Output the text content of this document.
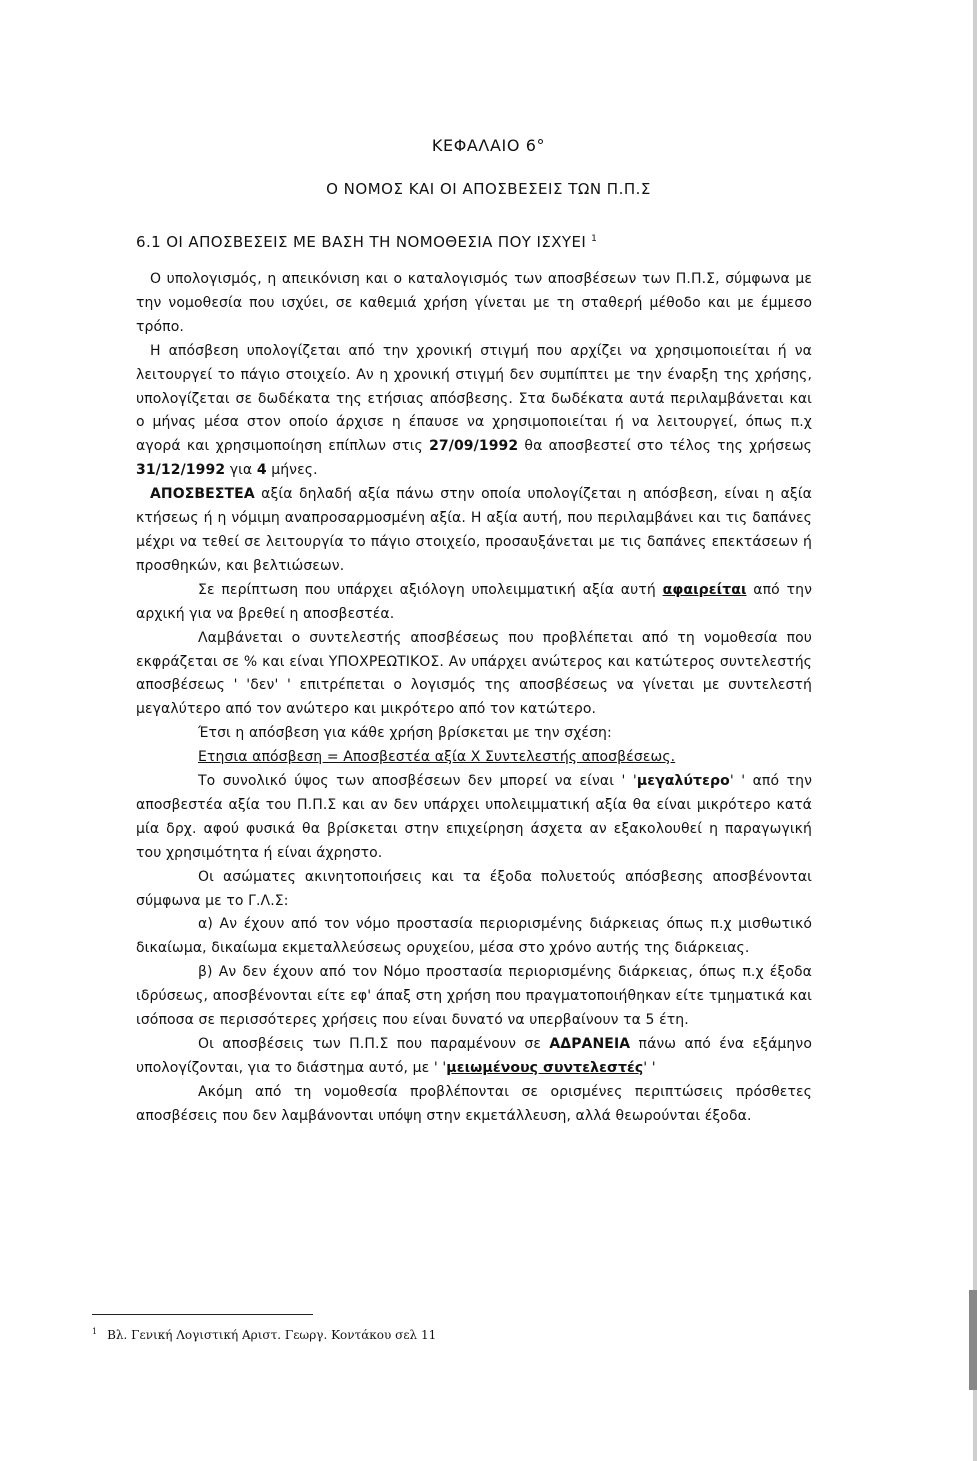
ΚΕΦΑΛΑΙΟ 6°
Ο ΝΟΜΟΣ ΚΑΙ ΟΙ ΑΠΟΣΒΕΣΕΙΣ ΤΩΝ Π.Π.Σ
6.1 ΟΙ ΑΠΟΣΒΕΣΕΙΣ ΜΕ ΒΑΣΗ ΤΗ ΝΟΜΟΘΕΣΙΑ ΠΟΥ ΙΣΧΥΕΙ $^1$

Ο υπολογισμός, η απεικόνιση και ο καταλογισμός των αποσβέσεων των Π.Π.Σ, σύμφωνα με την νομοθεσία που ισχύει, σε καθεμιά χρήση γίνεται με τη σταθερή μέθοδο και με έμμεσο τρόπο.

Η απόσβεση υπολογίζεται από την χρονική στιγμή που αρχίζει να χρησιμοποιείται ή να λειτουργεί το πάγιο στοιχείο. Αν η χρονική στιγμή δεν συμπίπτει με την έναρξη της χρήσης, υπολογίζεται σε δωδέκατα της ετήσιας απόσβεσης. Στα δωδέκατα αυτά περιλαμβάνεται και ο μήνας μέσα στον οποίο άρχισε η έπαυσε να χρησιμοποιείται ή να λειτουργεί, όπως π.χ αγορά και χρησιμοποίηση επίπλων στις 27/09/1992 θα αποσβεστεί στο τέλος της χρήσεως 31/12/1992 για 4 μήνες.

ΑΠΟΣΒΕΣΤΕΑ αξία δηλαδή αξία πάνω στην οποία υπολογίζεται η απόσβεση, είναι η αξία κτήσεως ή η νόμιμη αναπροσαρμοσμένη αξία. Η αξία αυτή, που περιλαμβάνει και τις δαπάνες μέχρι να τεθεί σε λειτουργία το πάγιο στοιχείο, προσαυξάνεται με τις δαπάνες επεκτάσεων ή προσθηκών, και βελτιώσεων.

Σε περίπτωση που υπάρχει αξιόλογη υπολειμματική αξία αυτή αφαιρείται από την αρχική για να βρεθεί η αποσβεστέα.

Λαμβάνεται ο συντελεστής αποσβέσεως που προβλέπεται από τη νομοθεσία που εκφράζεται σε % και είναι ΥΠΟΧΡΕΩΤΙΚΟΣ. Αν υπάρχει ανώτερος και κατώτερος συντελεστής αποσβέσεως ' 'δεν' ' επιτρέπεται ο λογισμός της αποσβέσεως να γίνεται με συντελεστή μεγαλύτερο από τον ανώτερο και μικρότερο από τον κατώτερο.

Έτσι η απόσβεση για κάθε χρήση βρίσκεται με την σχέση:

Ετησια απόσβεση = Αποσβεστέα αξία Χ Συντελεστής αποσβέσεως.

Το συνολικό ύψος των αποσβέσεων δεν μπορεί να είναι ' 'μεγαλύτερο' ' από την αποσβεστέα αξία του Π.Π.Σ και αν δεν υπάρχει υπολειμματική αξία θα είναι μικρότερο κατά μία δρχ. αφού φυσικά θα βρίσκεται στην επιχείρηση άσχετα αν εξακολουθεί η παραγωγική του χρησιμότητα ή είναι άχρηστο.

Οι ασώματες ακινητοποιήσεις και τα έξοδα πολυετούς απόσβεσης αποσβένονται σύμφωνα με το Γ.Λ.Σ:

α) Αν έχουν από τον νόμο προστασία περιορισμένης διάρκειας όπως π.χ μισθωτικό δικαίωμα, δικαίωμα εκμεταλλεύσεως ορυχείου, μέσα στο χρόνο αυτής της διάρκειας.

β) Αν δεν έχουν από τον Νόμο προστασία περιορισμένης διάρκειας, όπως π.χ έξοδα ιδρύσεως, αποσβένονται είτε εφ' άπαξ στη χρήση που πραγματοποιήθηκαν είτε τμηματικά και ισόποσα σε περισσότερες χρήσεις που είναι δυνατό να υπερβαίνουν τα 5 έτη.

Οι αποσβέσεις των Π.Π.Σ που παραμένουν σε ΑΔΡΑΝΕΙΑ πάνω από ένα εξάμηνο υπολογίζονται, για το διάστημα αυτό, με ' 'μειωμένους συντελεστές' '

Ακόμη από τη νομοθεσία προβλέπονται σε ορισμένες περιπτώσεις πρόσθετες αποσβέσεις που δεν λαμβάνονται υπόψη στην εκμετάλλευση, αλλά θεωρούνται έξοδα.

$^1$ Βλ. Γενική Λογιστική Αριστ. Γεωργ. Κοντάκου σελ 11
